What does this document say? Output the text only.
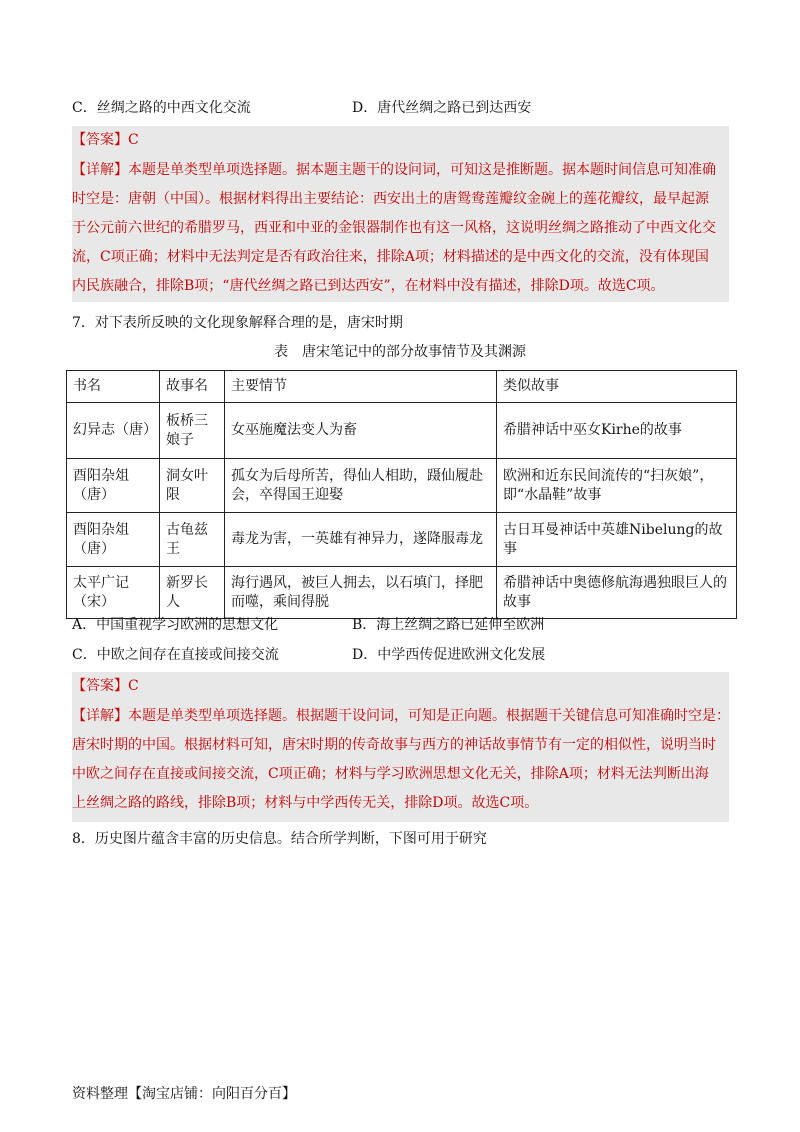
C．丝绸之路的中西文化交流	D．唐代丝绸之路已到达西安
【答案】C
【详解】本题是单类型单项选择题。据本题主题干的设问词，可知这是推断题。据本题时间信息可知准确
时空是：唐朝（中国）。根据材料得出主要结论：西安出土的唐鸳鸯莲瓣纹金碗上的莲花瓣纹，最早起源
于公元前六世纪的希腊罗马，西亚和中亚的金银器制作也有这一风格，这说明丝绸之路推动了中西文化交
流，C项正确；材料中无法判定是否有政治往来，排除A项；材料描述的是中西文化的交流，没有体现国
内民族融合，排除B项；“唐代丝绸之路已到达西安”，在材料中没有描述，排除D项。故选C项。
7．对下表所反映的文化现象解释合理的是，唐宋时期
表　唐宋笔记中的部分故事情节及其渊源
书名	故事名	主要情节	类似故事
幻异志（唐）	板桥三娘子	女巫施魔法变人为畜	希腊神话中巫女Kirhe的故事
酉阳杂俎（唐）	洞女叶限	孤女为后母所苦，得仙人相助，蹑仙履赴会，卒得国王迎娶	欧洲和近东民间流传的“扫灰娘”，即“水晶鞋”故事
酉阳杂俎（唐）	古龟兹王	毒龙为害，一英雄有神异力，遂降服毒龙	古日耳曼神话中英雄Nibelung的故事
太平广记（宋）	新罗长人	海行遇风，被巨人拥去，以石填门，择肥而噬，乘间得脱	希腊神话中奥德修航海遇独眼巨人的故事
A．中国重视学习欧洲的思想文化	B．海上丝绸之路已延伸至欧洲
C．中欧之间存在直接或间接交流	D．中学西传促进欧洲文化发展
【答案】C
【详解】本题是单类型单项选择题。根据题干设问词，可知是正向题。根据题干关键信息可知准确时空是：
唐宋时期的中国。根据材料可知，唐宋时期的传奇故事与西方的神话故事情节有一定的相似性，说明当时
中欧之间存在直接或间接交流，C项正确；材料与学习欧洲思想文化无关，排除A项；材料无法判断出海
上丝绸之路的路线，排除B项；材料与中学西传无关，排除D项。故选C项。
8．历史图片蕴含丰富的历史信息。结合所学判断，下图可用于研究
资料整理【淘宝店铺：向阳百分百】
